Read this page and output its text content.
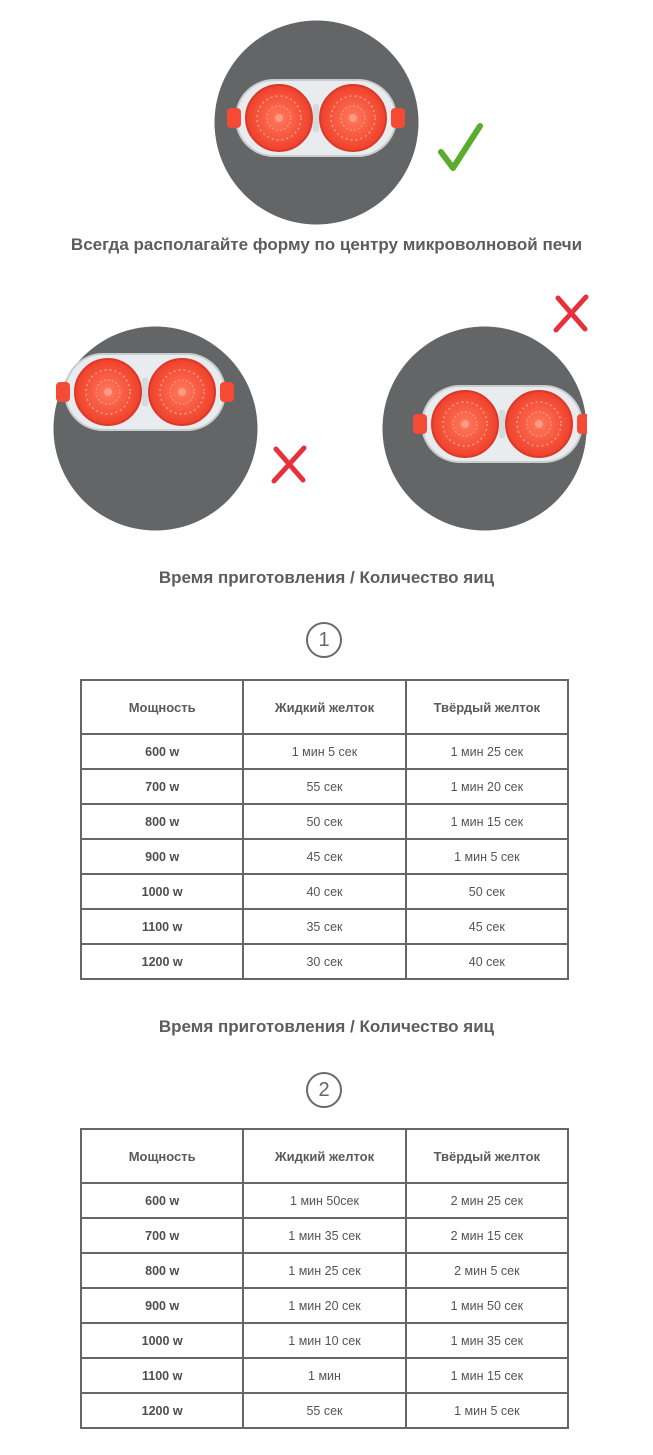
Всегда располагайте форму по центру микроволновой печи
Время приготовления / Количество яиц
1
Мощность	Жидкий желток	Твёрдый желток
600 w	1 мин 5 сек	1 мин 25 сек
700 w	55 сек	1 мин 20 сек
800 w	50 сек	1 мин 15 сек
900 w	45 сек	1 мин 5 сек
1000 w	40 сек	50 сек
1100 w	35 сек	45 сек
1200 w	30 сек	40 сек
Время приготовления / Количество яиц
2
Мощность	Жидкий желток	Твёрдый желток
600 w	1 мин 50сек	2 мин 25 сек
700 w	1 мин 35 сек	2 мин 15 сек
800 w	1 мин 25 сек	2 мин 5 сек
900 w	1 мин 20 сек	1 мин 50 сек
1000 w	1 мин 10 сек	1 мин 35 сек
1100 w	1 мин	1 мин 15 сек
1200 w	55 сек	1 мин 5 сек
